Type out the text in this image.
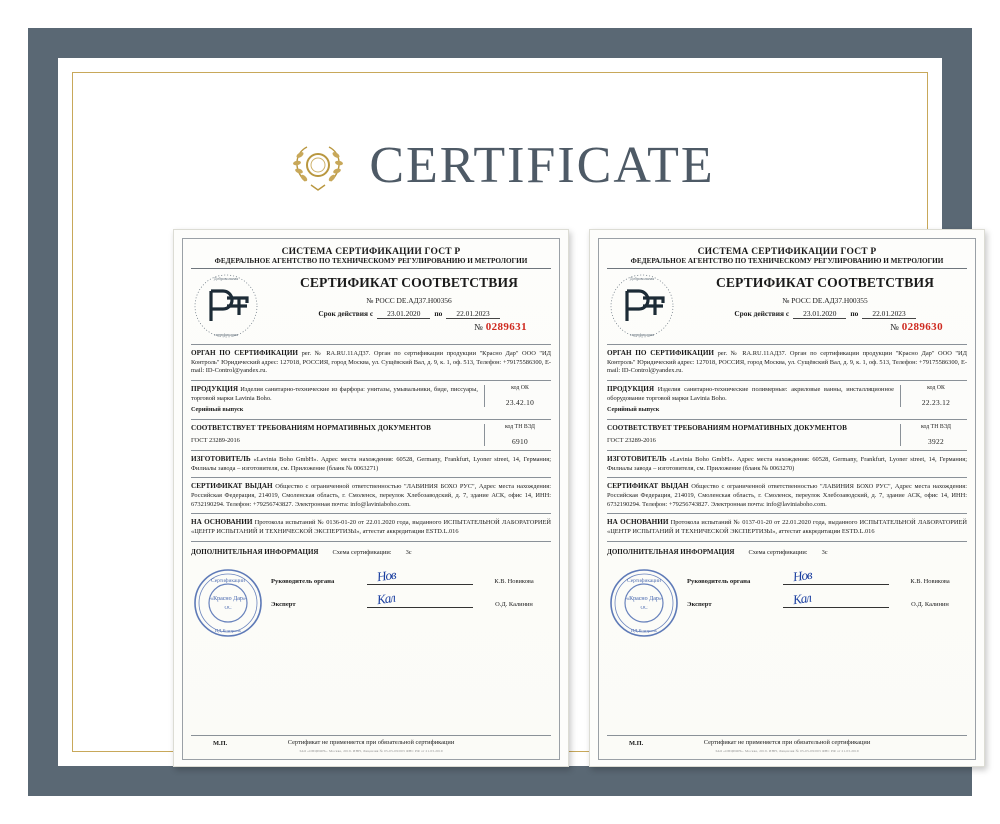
CERTIFICATE
СИСТЕМА СЕРТИФИКАЦИИ ГОСТ Р
ФЕДЕРАЛЬНОЕ АГЕНТСТВО ПО ТЕХНИЧЕСКОМУ РЕГУЛИРОВАНИЮ И МЕТРОЛОГИИ
Добровольная
сертификация
СЕРТИФИКАТ СООТВЕТСТВИЯ
№ РОСС DE.АД37.Н00356
Срок действия с	23.01.2020	по	22.01.2023
№ 0289631
ОРГАН ПО СЕРТИФИКАЦИИ рег. № RA.RU.11АД37. Орган по сертификации продукции "Красно Дар" ООО "ИД Контроль" Юридический адрес: 127018, РОССИЯ, город Москва, ул. Сущёвский Вал, д. 9, к. 1, оф. 513, Телефон: +79175586300, E-mail: ID-Control@yandex.ru.
ПРОДУКЦИЯ Изделия санитарно-технические из фарфора: унитазы, умывальники, биде, писсуары, торговой марки Lavinia Boho.
Серийный выпуск
код ОК
23.42.10
СООТВЕТСТВУЕТ ТРЕБОВАНИЯМ НОРМАТИВНЫХ ДОКУМЕНТОВ
ГОСТ 23289-2016
код ТН ВЭД
6910
ИЗГОТОВИТЕЛЬ «Lavinia Boho GmbH». Адрес места нахождения: 60528, Germany, Frankfurt, Lyoner street, 14, Германия; Филиалы завода – изготовителя, см. Приложение (бланк № 0063271)
СЕРТИФИКАТ ВЫДАН Общество с ограниченной ответственностью "ЛАВИНИЯ БОХО РУС", Адрес места нахождения: Российская Федерация, 214019, Смоленская область, г. Смоленск, переулок Хлебозаводский, д. 7, здание АСК, офис 14, ИНН: 6732190294. Телефон: +79256743827. Электронная почта: info@laviniaboho.com.
НА ОСНОВАНИИ Протокола испытаний № 0136-01-20 от 22.01.2020 года, выданного ИСПЫТАТЕЛЬНОЙ ЛАБОРАТОРИЕЙ «ЦЕНТР ИСПЫТАНИЙ И ТЕХНИЧЕСКОЙ ЭКСПЕРТИЗЫ», аттестат аккредитации ESTD.L.016
ДОПОЛНИТЕЛЬНАЯ ИНФОРМАЦИЯ Схема сертификации: 3с
Сертификации
«Красно Дар»
ОС
ИД Контроль
Руководитель органа	Нов	К.В. Новикова
Эксперт	Кал	О.Д. Калинин
М.П.	Сертификат не применяется при обязательной сертификации
ЗАО «ОПЦИОН». Москва, 2019. ИНН, Лицензия № 05-05-09/003 ФНС РФ от 21.03.2019
СИСТЕМА СЕРТИФИКАЦИИ ГОСТ Р
ФЕДЕРАЛЬНОЕ АГЕНТСТВО ПО ТЕХНИЧЕСКОМУ РЕГУЛИРОВАНИЮ И МЕТРОЛОГИИ
Добровольная
сертификация
СЕРТИФИКАТ СООТВЕТСТВИЯ
№ РОСС DE.АД37.Н00355
Срок действия с	23.01.2020	по	22.01.2023
№ 0289630
ОРГАН ПО СЕРТИФИКАЦИИ рег. № RA.RU.11АД37. Орган по сертификации продукции "Красно Дар" ООО "ИД Контроль" Юридический адрес: 127018, РОССИЯ, город Москва, ул. Сущёвский Вал, д. 9, к. 1, оф. 513, Телефон: +79175586300, E-mail: ID-Control@yandex.ru.
ПРОДУКЦИЯ Изделия санитарно-технические полимерные: акриловые ванны, инсталляционное оборудование торговой марки Lavinia Boho.
Серийный выпуск
код ОК
22.23.12
СООТВЕТСТВУЕТ ТРЕБОВАНИЯМ НОРМАТИВНЫХ ДОКУМЕНТОВ
ГОСТ 23289-2016
код ТН ВЭД
3922
ИЗГОТОВИТЕЛЬ «Lavinia Boho GmbH». Адрес места нахождения: 60528, Germany, Frankfurt, Lyoner street, 14, Германия; Филиалы завода – изготовителя, см. Приложение (бланк № 0063270)
СЕРТИФИКАТ ВЫДАН Общество с ограниченной ответственностью "ЛАВИНИЯ БОХО РУС", Адрес места нахождения: Российская Федерация, 214019, Смоленская область, г. Смоленск, переулок Хлебозаводский, д. 7, здание АСК, офис 14, ИНН: 6732190294. Телефон: +79256743827. Электронная почта: info@laviniaboho.com.
НА ОСНОВАНИИ Протокола испытаний № 0137-01-20 от 22.01.2020 года, выданного ИСПЫТАТЕЛЬНОЙ ЛАБОРАТОРИЕЙ «ЦЕНТР ИСПЫТАНИЙ И ТЕХНИЧЕСКОЙ ЭКСПЕРТИЗЫ», аттестат аккредитации ESTD.L.016
ДОПОЛНИТЕЛЬНАЯ ИНФОРМАЦИЯ Схема сертификации: 3с
Сертификации
«Красно Дар»
ОС
ИД Контроль
Руководитель органа	Нов	К.В. Новикова
Эксперт	Кал	О.Д. Калинин
М.П.	Сертификат не применяется при обязательной сертификации
ЗАО «ОПЦИОН». Москва, 2019. ИНН, Лицензия № 05-05-09/003 ФНС РФ от 21.03.2019
